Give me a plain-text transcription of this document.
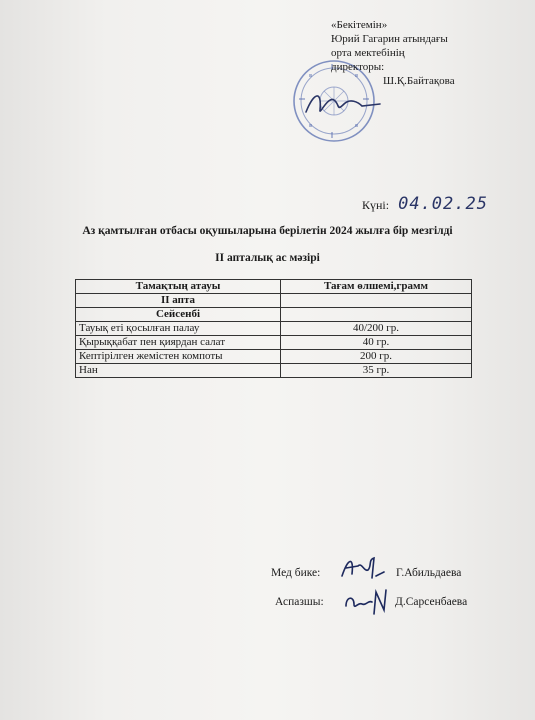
«Бекітемін»
Юрий Гагарин атындағы
орта мектебінің
директоры:
Ш.Қ.Байтақова
Күні: 04.02.25
Аз қамтылған отбасы оқушыларына берілетін 2024 жылға бір мезгілді
II апталық ас мәзірі
Тамақтың атауы	Тағам өлшемі,грамм
II апта	
Сейсенбі	
Тауық еті қосылған палау	40/200 гр.
Қырыққабат пен қиярдан салат	40 гр.
Кептірілген жемістен компоты	200 гр.
Нан	35 гр.
Мед бике:	Г.Абильдаева
Аспазшы:	Д.Сарсенбаева
